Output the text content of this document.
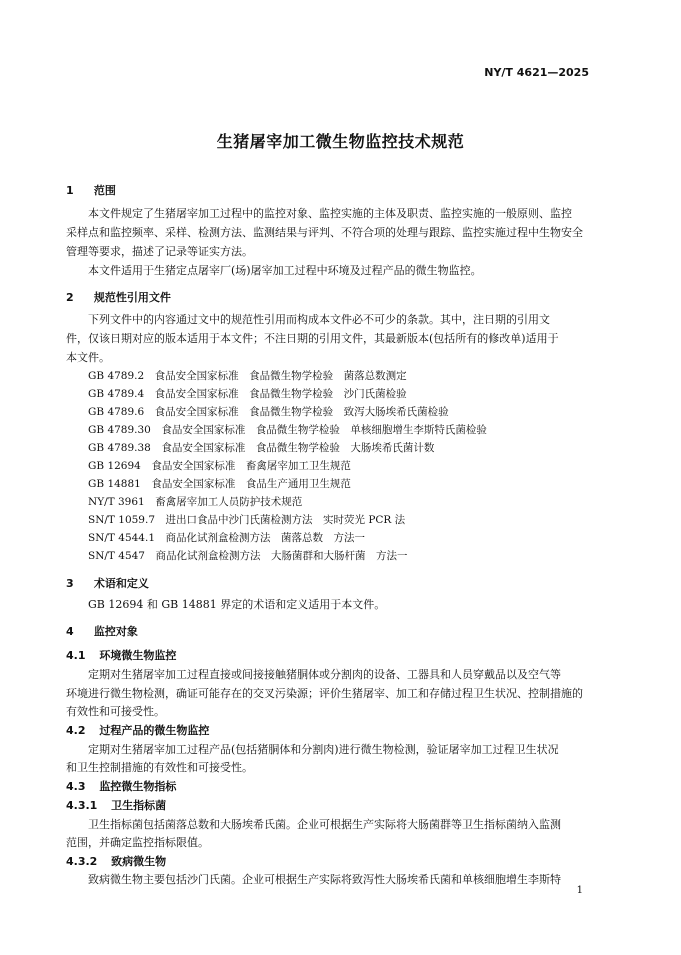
NY/T 4621—2025
生猪屠宰加工微生物监控技术规范
1 范围
本文件规定了生猪屠宰加工过程中的监控对象、监控实施的主体及职责、监控实施的一般原则、监控
采样点和监控频率、采样、检测方法、监测结果与评判、不符合项的处理与跟踪、监控实施过程中生物安全
管理等要求，描述了记录等证实方法。
本文件适用于生猪定点屠宰厂(场)屠宰加工过程中环境及过程产品的微生物监控。
2 规范性引用文件
下列文件中的内容通过文中的规范性引用而构成本文件必不可少的条款。其中，注日期的引用文
件，仅该日期对应的版本适用于本文件；不注日期的引用文件，其最新版本(包括所有的修改单)适用于
本文件。
GB 4789.2　食品安全国家标准　食品微生物学检验　菌落总数测定
GB 4789.4　食品安全国家标准　食品微生物学检验　沙门氏菌检验
GB 4789.6　食品安全国家标准　食品微生物学检验　致泻大肠埃希氏菌检验
GB 4789.30　食品安全国家标准　食品微生物学检验　单核细胞增生李斯特氏菌检验
GB 4789.38　食品安全国家标准　食品微生物学检验　大肠埃希氏菌计数
GB 12694　食品安全国家标准　畜禽屠宰加工卫生规范
GB 14881　食品安全国家标准　食品生产通用卫生规范
NY/T 3961　畜禽屠宰加工人员防护技术规范
SN/T 1059.7　进出口食品中沙门氏菌检测方法　实时荧光 PCR 法
SN/T 4544.1　商品化试剂盒检测方法　菌落总数　方法一
SN/T 4547　商品化试剂盒检测方法　大肠菌群和大肠杆菌　方法一
3 术语和定义
GB 12694 和 GB 14881 界定的术语和定义适用于本文件。
4 监控对象
4.1 环境微生物监控
定期对生猪屠宰加工过程直接或间接接触猪胴体或分割肉的设备、工器具和人员穿戴品以及空气等
环境进行微生物检测，确证可能存在的交叉污染源；评价生猪屠宰、加工和存储过程卫生状况、控制措施的
有效性和可接受性。
4.2 过程产品的微生物监控
定期对生猪屠宰加工过程产品(包括猪胴体和分割肉)进行微生物检测，验证屠宰加工过程卫生状况
和卫生控制措施的有效性和可接受性。
4.3 监控微生物指标
4.3.1 卫生指标菌
卫生指标菌包括菌落总数和大肠埃希氏菌。企业可根据生产实际将大肠菌群等卫生指标菌纳入监测
范围，并确定监控指标限值。
4.3.2 致病微生物
致病微生物主要包括沙门氏菌。企业可根据生产实际将致泻性大肠埃希氏菌和单核细胞增生李斯特
1
